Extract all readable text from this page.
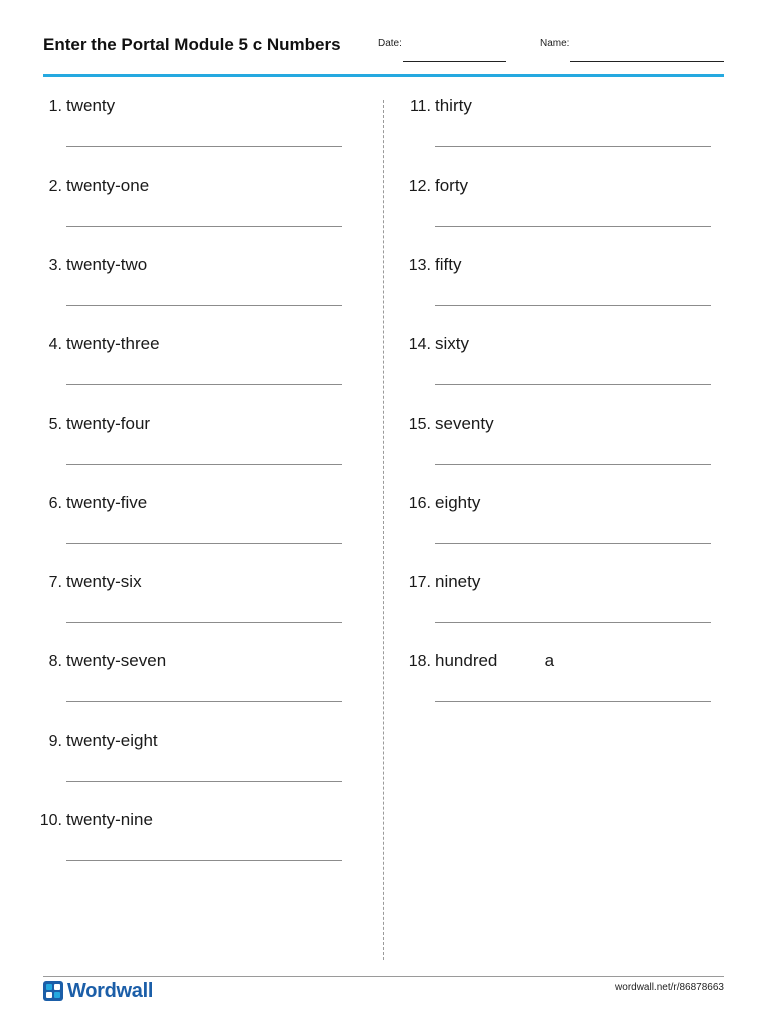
Enter the Portal Module 5 c Numbers	Date:	Name:
1. twenty
2. twenty-one
3. twenty-two
4. twenty-three
5. twenty-four
6. twenty-five
7. twenty-six
8. twenty-seven
9. twenty-eight
10. twenty-nine
11. thirty
12. forty
13. fifty
14. sixty
15. seventy
16. eighty
17. ninety
18. hundred          a
Wordwall	wordwall.net/r/86878663
